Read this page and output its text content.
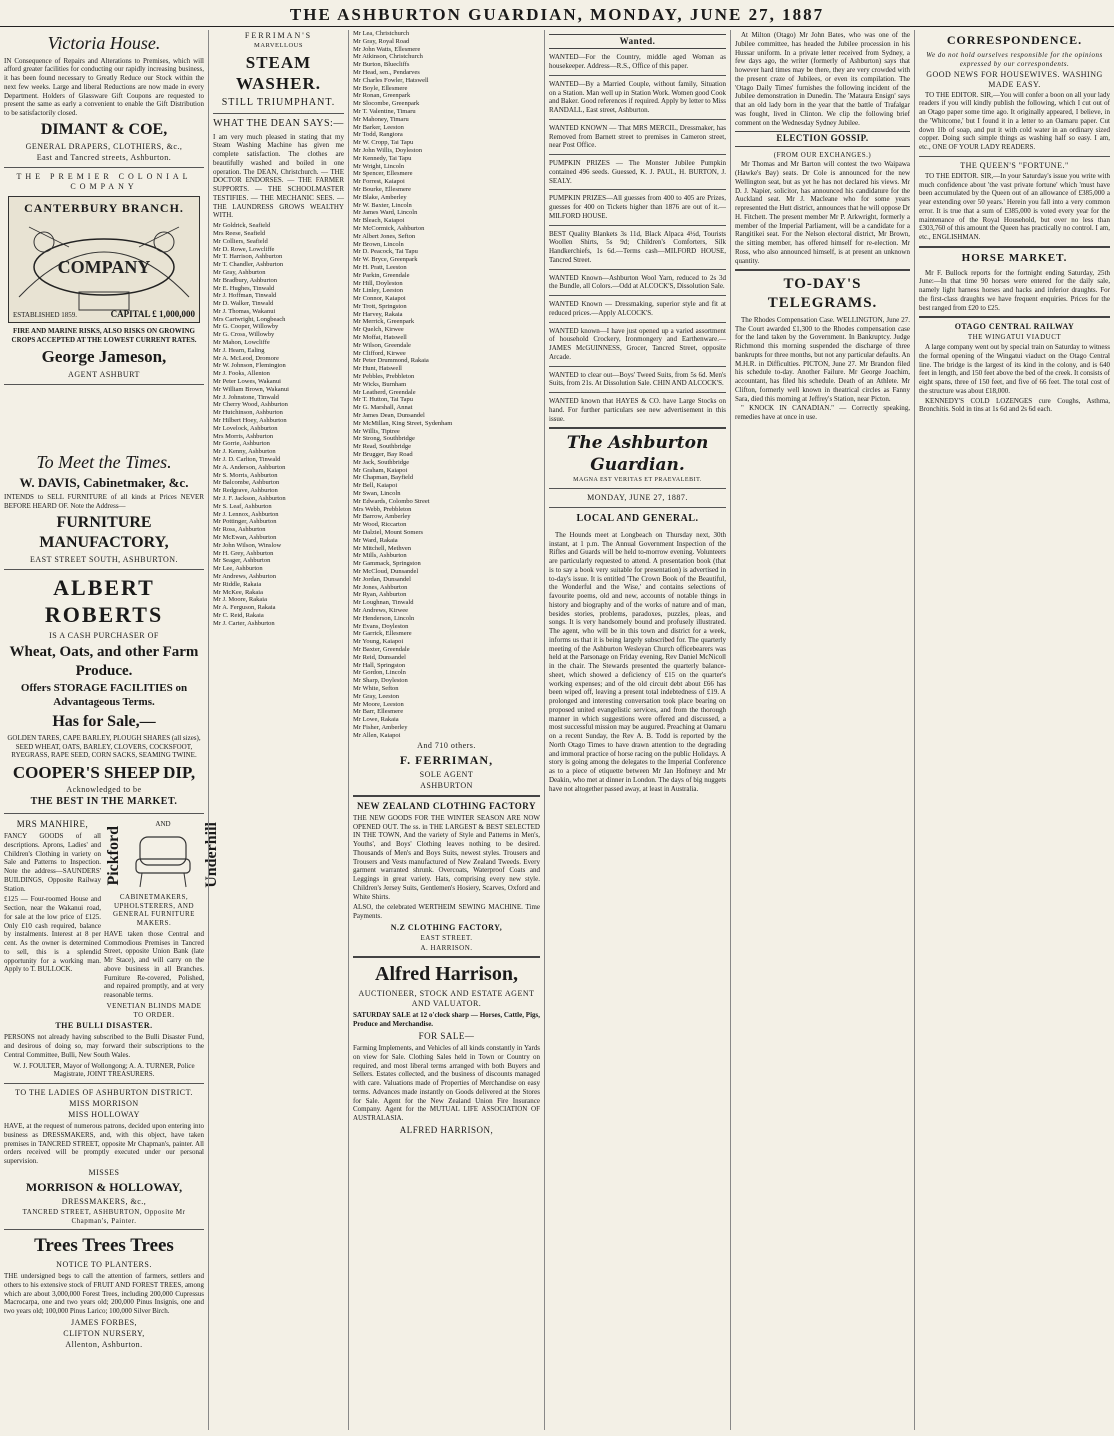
THE ASHBURTON GUARDIAN, MONDAY, JUNE 27, 1887
Victoria House.
IN Consequence of Repairs and Alterations to Premises, which will afford greater facilities for conducting our rapidly increasing business, it has been found necessary to Greatly Reduce our Stock within the next few weeks. Large and liberal Reductions are now made in every Department. Holders of Glassware Gift Coupons are requested to present the same as early a convenient to enable the Gift Distribution to be satisfactorily closed.
DIMANT & COE,
GENERAL DRAPERS, CLOTHIERS, &c.,
East and Tancred streets, Ashburton.
THE PREMIER COLONIAL COMPANY
COMPANY
CANTERBURY BRANCH.
ESTABLISHED 1859.	CAPITAL £ 1,000,000
FIRE AND MARINE RISKS, ALSO RISKS ON GROWING CROPS ACCEPTED AT THE LOWEST CURRENT RATES.
George Jameson,
AGENT ASHBURT
To Meet the Times.
W. DAVIS, Cabinetmaker, &c.
INTENDS to SELL FURNITURE of all kinds at Prices NEVER BEFORE HEARD OF. Note the Address—
FURNITURE MANUFACTORY,
EAST STREET SOUTH, ASHBURTON.
ALBERT ROBERTS
IS A CASH PURCHASER OF
Wheat, Oats, and other Farm Produce.
Offers STORAGE FACILITIES on Advantageous Terms.
Has for Sale,—
GOLDEN TARES, CAPE BARLEY, PLOUGH SHARES (all sizes), SEED WHEAT, OATS, BARLEY, CLOVERS, COCKSFOOT, RYEGRASS, RAPE SEED, CORN SACKS, SEAMING TWINE.
COOPER'S SHEEP DIP,
Acknowledged to be
THE BEST IN THE MARKET.
MRS MANHIRE,
FANCY GOODS of all descriptions. Aprons, Ladies' and Children's Clothing in variety on Sale and Patterns to Inspection. Note the address—SAUNDERS' BUILDINGS, Opposite Railway Station.
£125 — Four-roomed House and Section, near the Wakanui road, for sale at the low price of £125. Only £10 cash required, balance by instalments. Interest at 8 per cent. As the owner is determined to sell, this is a splendid opportunity for a working man. Apply to T. BULLOCK.
Pickford
AND	Underhill
CABINETMAKERS, UPHOLSTERERS, AND GENERAL FURNITURE MAKERS.
HAVE taken those Central and Commodious Premises in Tancred Street, opposite Union Bank (late Mr Stace), and will carry on the above business in all Branches. Furniture Re-covered, Polished, and repaired promptly, and at very reasonable terms.
VENETIAN BLINDS MADE TO ORDER.
THE BULLI DISASTER.
PERSONS not already having subscribed to the Bulli Disaster Fund, and desirous of doing so, may forward their subscriptions to the Central Committee, Bulli, New South Wales.
W. J. FOULTER, Mayor of Wollongong; A. A. TURNER, Police Magistrate, JOINT TREASURERS.
TO THE LADIES OF ASHBURTON DISTRICT.
MISS MORRISON
MISS HOLLOWAY
HAVE, at the request of numerous patrons, decided upon entering into business as DRESSMAKERS, and, with this object, have taken premises in TANCRED STREET, opposite Mr Chapman's, painter. All orders received will be promptly executed under our personal supervision.
MISSES
MORRISON & HOLLOWAY,
DRESSMAKERS, &c.,
TANCRED STREET, ASHBURTON, Opposite Mr Chapman's, Painter.
Trees Trees Trees
NOTICE TO PLANTERS.
THE undersigned begs to call the attention of farmers, settlers and others to his extensive stock of FRUIT AND FOREST TREES, among which are about 3,000,000 Forest Trees, including 200,000 Cupressus Macrocarpa, one and two years old; 200,000 Pinus Insignis, one and two years old; 100,000 Pinus Larico; 100,000 Silver Birch.
JAMES FORBES,
CLIFTON NURSERY,
Allenton, Ashburton.
FERRIMAN'S
MARVELLOUS
STEAM WASHER.
STILL TRIUMPHANT.
WHAT THE DEAN SAYS:—
I am very much pleased in stating that my Steam Washing Machine has given me complete satisfaction. The clothes are beautifully washed and boiled in one operation. The DEAN, Christchurch. — THE DOCTOR ENDORSES. — THE FARMER SUPPORTS. — THE SCHOOLMASTER TESTIFIES. — THE MECHANIC SEES. — THE LAUNDRESS GROWS WEALTHY WITH.
Mr Goldrick, Seafield
Mrs Reese, Seafield
Mr Colliers, Seafield
Mr D. Rowe, Lowcliffe
Mr T. Harrison, Ashburton
Mr T. Chandler, Ashburton
Mr Gray, Ashburton
Mr Bradbury, Ashburton
Mr E. Hughes, Tinwald
Mr J. Hoffman, Tinwald
Mr D. Walker, Tinwald
Mr J. Thomas, Wakanui
Mrs Cartwright, Longbeach
Mr G. Cooper, Willowby
Mr G. Cross, Willowby
Mr Mahon, Lowcliffe
Mr J. Hearn, Ealing
Mr A. McLeod, Dromore
Mr W. Johnson, Flemington
Mr J. Fooks, Allenton
Mr Peter Lowes, Wakanui
Mr William Brown, Wakanui
Mr J. Johnstone, Tinwald
Mr Cherry Wood, Ashburton
Mr Hutchinson, Ashburton
Mr Hilbert Hoey, Ashburton
Mr Lovelock, Ashburton
Mrs Morris, Ashburton
Mr Gorrie, Ashburton
Mr J. Kenny, Ashburton
Mr J. D. Carlton, Tinwald
Mr A. Anderson, Ashburton
Mr S. Morris, Ashburton
Mr Balcombe, Ashburton
Mr Redgrave, Ashburton
Mr J. F. Jackson, Ashburton
Mr S. Leaf, Ashburton
Mr J. Lennox, Ashburton
Mr Pottinger, Ashburton
Mr Ross, Ashburton
Mr McEwan, Ashburton
Mr John Wilson, Winslow
Mr H. Grey, Ashburton
Mr Seager, Ashburton
Mr Lee, Ashburton
Mr Andrews, Ashburton
Mr Riddle, Rakaia
Mr McKee, Rakaia
Mr J. Moore, Rakaia
Mr A. Ferguson, Rakaia
Mr C. Reid, Rakaia
Mr J. Carter, Ashburton
Mr Lea, Christchurch
Mr Gray, Royal Road
Mr John Watts, Ellesmere
Mr Atkinson, Christchurch
Mr Burton, Bluecliffs
Mr Head, sen., Pendarves
Mr Charles Fowler, Hatswell
Mr Boyle, Ellesmere
Mr Ronan, Greenpark
Mr Slocombe, Greenpark
Mr T. Valentine, Timaru
Mr Mahoney, Timaru
Mr Barker, Leeston
Mr Todd, Rangiora
Mr W. Cropp, Tai Tapu
Mr John Willis, Doyleston
Mr Kennedy, Tai Tapu
Mr Wright, Lincoln
Mr Spencer, Ellesmere
Mr Forrest, Kaiapoi
Mr Bourke, Ellesmere
Mr Blake, Amberley
Mr W. Baxter, Lincoln
Mr James Ward, Lincoln
Mr Bleach, Kaiapoi
Mr McCormick, Ashburton
Mr Albert Jones, Sefton
Mr Brown, Lincoln
Mr D. Peacock, Tai Tapu
Mr W. Bryce, Greenpark
Mr H. Pratt, Leeston
Mr Parkin, Greendale
Mr Hill, Doyleston
Mr Linley, Leeston
Mr Connor, Kaiapoi
Mr Trott, Springston
Mr Harvey, Rakaia
Mr Merrick, Greenpark
Mr Quelch, Kirwee
Mr Moffat, Hatswell
Mr Wilson, Greendale
Mr Clifford, Kirwee
Mr Peter Drummond, Rakaia
Mr Hunt, Hatswell
Mr Pebbles, Prebbleton
Mr Wicks, Burnham
Mr Leatherd, Greendale
Mr T. Hutton, Tai Tapu
Mr G. Marshall, Annat
Mr James Dean, Dunsandel
Mr McMillan, King Street, Sydenham
Mr Willis, Tiptree
Mr Strong, Southbridge
Mr Read, Southbridge
Mr Brugger, Bay Road
Mr Jack, Southbridge
Mr Graham, Kaiapoi
Mr Chapman, Bayfield
Mr Bell, Kaiapoi
Mr Swan, Lincoln
Mr Edwards, Colombo Street
Mrs Webb, Prebbleton
Mr Barrow, Amberley
Mr Wood, Riccarton
Mr Dalziel, Mount Somers
Mr Ward, Rakaia
Mr Mitchell, Methven
Mr Mills, Ashburton
Mr Gammack, Springston
Mr McCloud, Dunsandel
Mr Jordan, Dunsandel
Mr Jones, Ashburton
Mr Ryan, Ashburton
Mr Loughnan, Tinwald
Mr Andrews, Kirwee
Mr Henderson, Lincoln
Mr Evans, Doyleston
Mr Garrick, Ellesmere
Mr Young, Kaiapoi
Mr Baxter, Greendale
Mr Reid, Dunsandel
Mr Hall, Springston
Mr Gordon, Lincoln
Mr Sharp, Doyleston
Mr White, Sefton
Mr Gray, Leeston
Mr Moore, Leeston
Mr Barr, Ellesmere
Mr Lowe, Rakaia
Mr Fisher, Amberley
Mr Allen, Kaiapoi
And 710 others.
F. FERRIMAN,
SOLE AGENT
ASHBURTON
NEW ZEALAND CLOTHING FACTORY
THE NEW GOODS FOR THE WINTER SEASON ARE NOW OPENED OUT. The ss. in THE LARGEST & BEST SELECTED IN THE TOWN, And the variety of Style and Patterns in Men's, Youths', and Boys' Clothing leaves nothing to be desired. Thousands of Men's and Boys Suits, newest styles. Trousers and Trousers and Vests manufactured of New Zealand Tweeds. Every garment warranted shrunk. Overcoats, Waterproof Coats and Leggings in great variety. Hats, comprising every new style. Children's Jersey Suits, Gentlemen's Hosiery, Scarves, Oxford and White Shirts.
ALSO, the celebrated WERTHEIM SEWING MACHINE. Time Payments.
N.Z CLOTHING FACTORY,
EAST STREET.
A. HARRISON.
Alfred Harrison,
AUCTIONEER, STOCK AND ESTATE AGENT AND VALUATOR.
SATURDAY SALE at 12 o'clock sharp — Horses, Cattle, Pigs, Produce and Merchandise.
FOR SALE—
Farming Implements, and Vehicles of all kinds constantly in Yards on view for Sale. Clothing Sales held in Town or Country on required, and most liberal terms arranged with both Buyers and Sellers. Estates collected, and the business of discounts managed with care. Valuations made of Properties of Merchandise on easy terms. Advances made instantly on Goods delivered at the Stores for Sale. Agent for the New Zealand Union Fire Insurance Company. Agent for the MUTUAL LIFE ASSOCIATION OF AUSTRALASIA.
ALFRED HARRISON,
Wanted.
WANTED—For the Country, middle aged Woman as housekeeper. Address—R.S., Office of this paper.
WANTED—By a Married Couple, without family, Situation on a Station. Man well up in Station Work. Women good Cook and Baker. Good references if required. Apply by letter to Miss RANDALL, East street, Ashburton.
WANTED KNOWN — That MRS MERCIL, Dressmaker, has Removed from Barnett street to premises in Cameron street, near Post Office.
PUMPKIN PRIZES — The Monster Jubilee Pumpkin contained 496 seeds. Guessed, K. J. PAUL, H. BURTON, J. SEALY.
PUMPKIN PRIZES—All guesses from 400 to 405 are Prizes, guesses for 400 on Tickets higher than 1876 are out of it.—MILFORD HOUSE.
BEST Quality Blankets 3s 11d, Black Alpaca 4½d, Tourists Woollen Shirts, 5s 9d; Children's Comforters, Silk Handkerchiefs, 1s 6d.—Terms cash—MILFORD HOUSE, Tancred Street.
WANTED Known—Ashburton Wool Yarn, reduced to 2s 3d the Bundle, all Colors.—Odd at ALCOCK'S, Dissolution Sale.
WANTED Known — Dressmaking, superior style and fit at reduced prices.—Apply ALCOCK'S.
WANTED known—I have just opened up a varied assortment of household Crockery, Ironmongery and Earthenware.—JAMES McGUINNESS, Grocer, Tancred Street, opposite Arcade.
WANTED to clear out—Boys' Tweed Suits, from 5s 6d. Men's Suits, from 21s. At Dissolution Sale. CHIN AND ALCOCK'S.
WANTED known that HAYES & CO. have Large Stocks on hand. For further particulars see new advertisement in this issue.
The Ashburton Guardian.
MAGNA EST VERITAS ET PRAEVALEBIT.
MONDAY, JUNE 27, 1887.
LOCAL AND GENERAL.
The Hounds meet at Longbeach on Thursday next, 30th instant, at 1 p.m. The Annual Government Inspection of the Rifles and Guards will be held to-morrow evening. Volunteers are particularly requested to attend. A presentation book (that is to say a book very suitable for presentation) is advertised in to-day's issue. It is entitled 'The Crown Book of the Beautiful, the Wonderful and the Wise,' and contains selections of favourite poems, old and new, accounts of notable things in history and biography and of the works of nature and of man, besides stories, problems, paradoxes, puzzles, pleas, and songs. It is very handsomely bound and profusely illustrated. The agent, who will be in this town and district for a week, informs us that it is being largely subscribed for. The quarterly meeting of the Ashburton Wesleyan Church officebearers was held at the Parsonage on Friday evening, Rev Daniel McNicoll in the chair. The Stewards presented the quarterly balance-sheet, which showed a deficiency of £15 on the quarter's working expenses; and of the old circuit debt about £66 has been wiped off, leaving a present total indebtedness of £19. A prolonged and interesting conversation took place bearing on proposed united evangelistic services, and from the thorough manner in which suggestions were offered and discussed, a most successful mission may be augured. Preaching at Oamaru on a recent Sunday, the Rev A. B. Todd is reported by the North Otago Times to have drawn attention to the degrading and immoral practice of horse racing on the public Holidays. A story is going among the delegates to the Imperial Conference as to a piece of etiquette between Mr Jan Hofmeyr and Mr Deakin, who met at dinner in London. The days of big nuggets have not altogether passed away, at least in Australia.
At Milton (Otago) Mr John Bates, who was one of the Jubilee committee, has headed the Jubilee procession in his Hussar uniform. In a private letter received from Sydney, a few days ago, the writer (formerly of Ashburton) says that however hard times may be there, they are very crowded with the present craze of Jubilees, or even its compilation. The 'Otago Daily Times' furnishes the following incident of the Jubilee demonstration in Dunedin. The 'Mataura Ensign' says that an old lady born in the year that the battle of Trafalgar was fought, lived in Clinton. We clip the following brief comment on the Wednesday Sydney Jubilee.
ELECTION GOSSIP.
(FROM OUR EXCHANGES.)
Mr Thomas and Mr Barton will contest the two Waipawa (Hawke's Bay) seats. Dr Cole is announced for the new Wellington seat, but as yet he has not declared his views. Mr D. J. Napier, solicitor, has announced his candidature for the Auckland seat. Mr J. Macleane who for some years represented the Hutt district, announces that he will oppose Dr H. Fitchett. The present member Mr P. Arkwright, formerly a member of the Imperial Parliament, will be a candidate for a Rangitikei seat. For the Nelson electoral district, Mr Brown, the sitting member, has offered himself for re-election. Mr Ross, who also announced himself, is at present an unknown quantity.
TO-DAY'S TELEGRAMS.
The Rhodes Compensation Case. WELLINGTON, June 27. The Court awarded £1,300 to the Rhodes compensation case for the land taken by the Government. In Bankruptcy. Judge Richmond this morning suspended the discharge of three bankrupts for three months, but not any particular defaults. An M.H.R. in Difficulties. PICTON, June 27. Mr Brandon filed his schedule to-day. Another Failure. Mr George Joachim, accountant, has filed his schedule. Death of an Athlete. Mr Clifton, formerly well known in theatrical circles as Fanny Sara, died this morning at Jeffrey's Station, near Picton.
" KNOCK IN CANADIAN." — Correctly speaking, remedies have at once in use.
CORRESPONDENCE.
We do not hold ourselves responsible for the opinions expressed by our correspondents.
GOOD NEWS FOR HOUSEWIVES. WASHING MADE EASY.
TO THE EDITOR. SIR,—You will confer a boon on all your lady readers if you will kindly publish the following, which I cut out of an Otago paper some time ago. It originally appeared, I believe, in the 'Whitcome,' but I found it in a letter to an Oamaru paper. Cut down 1lb of soap, and put it with cold water in an ordinary sized copper. Doing such simple things as washing half so easy. I am, etc., ONE OF YOUR LADY READERS.
THE QUEEN'S "FORTUNE."
TO THE EDITOR. SIR,—In your Saturday's issue you write with much confidence about 'the vast private fortune' which 'must have been accumulated by the Queen out of an allowance of £385,000 a year extending over 50 years.' Herein you fall into a very common error. It is true that a sum of £385,000 is voted every year for the maintenance of the Royal Household, but over no less than £303,760 of this amount the Queen has practically no control. I am, etc., ENGLISHMAN.
HORSE MARKET.
Mr F. Bullock reports for the fortnight ending Saturday, 25th June:—In that time 90 horses were entered for the daily sale, namely light harness horses and hacks and inferior draughts. For the first-class draughts we have frequent enquiries. Prices for the best ranged from £20 to £25.
OTAGO CENTRAL RAILWAY
THE WINGATUI VIADUCT
A large company went out by special train on Saturday to witness the formal opening of the Wingatui viaduct on the Otago Central line. The bridge is the largest of its kind in the colony, and is 640 feet in length, and 150 feet above the bed of the creek. It consists of eight spans, three of 150 feet, and five of 66 feet. The total cost of the structure was about £18,000.
KENNEDY'S COLD LOZENGES cure Coughs, Asthma, Bronchitis. Sold in tins at 1s 6d and 2s 6d each.
